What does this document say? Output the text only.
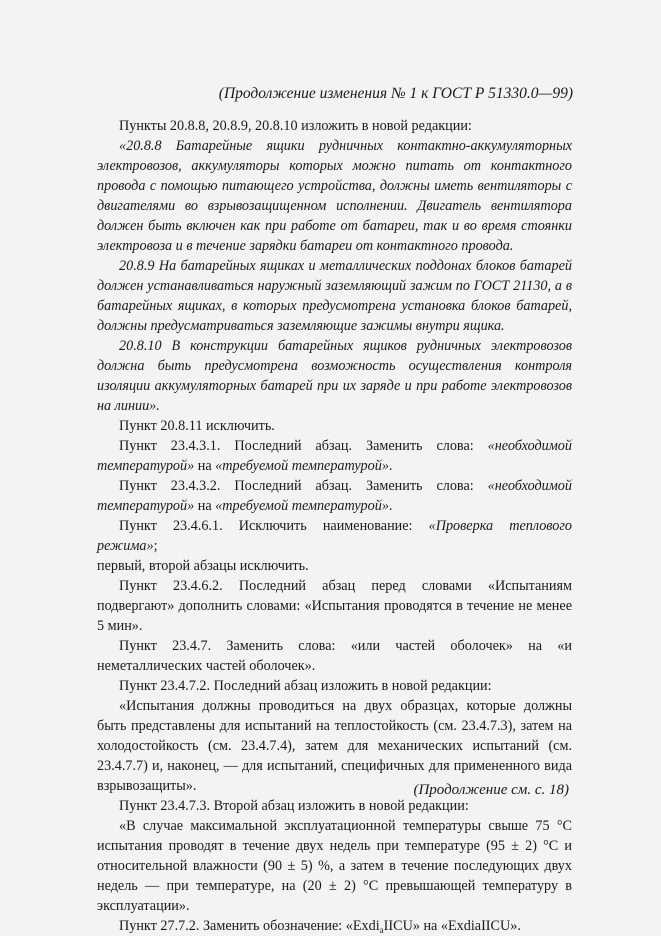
(Продолжение изменения № 1 к ГОСТ Р 51330.0—99)

Пункты 20.8.8, 20.8.9, 20.8.10 изложить в новой редакции:

«20.8.8 Батарейные ящики рудничных контактно-аккумуляторных электровозов, аккумуляторы которых можно питать от контактного провода с помощью питающего устройства, должны иметь вентиляторы с двигателями во взрывозащищенном исполнении. Двигатель вентилятора должен быть включен как при работе от батареи, так и во время стоянки электровоза и в течение зарядки батареи от контактного провода.

20.8.9 На батарейных ящиках и металлических поддонах блоков батарей должен устанавливаться наружный заземляющий зажим по ГОСТ 21130, а в батарейных ящиках, в которых предусмотрена установка блоков батарей, должны предусматриваться заземляющие зажимы внутри ящика.

20.8.10 В конструкции батарейных ящиков рудничных электровозов должна быть предусмотрена возможность осуществления контроля изоляции аккумуляторных батарей при их заряде и при работе электровозов на линии».

Пункт 20.8.11 исключить.

Пункт 23.4.3.1. Последний абзац. Заменить слова: «необходимой температурой» на «требуемой температурой».

Пункт 23.4.3.2. Последний абзац. Заменить слова: «необходимой температурой» на «требуемой температурой».

Пункт 23.4.6.1. Исключить наименование: «Проверка теплового режима»;

первый, второй абзацы исключить.

Пункт 23.4.6.2. Последний абзац перед словами «Испытаниям подвергают» дополнить словами: «Испытания проводятся в течение не менее 5 мин».

Пункт 23.4.7. Заменить слова: «или частей оболочек» на «и неметаллических частей оболочек».

Пункт 23.4.7.2. Последний абзац изложить в новой редакции:

«Испытания должны проводиться на двух образцах, которые должны быть представлены для испытаний на теплостойкость (см. 23.4.7.3), затем на холодостойкость (см. 23.4.7.4), затем для механических испытаний (см. 23.4.7.7) и, наконец, — для испытаний, специфичных для примененного вида взрывозащиты».

Пункт 23.4.7.3. Второй абзац изложить в новой редакции:

«В случае максимальной эксплуатационной температуры свыше 75 °С испытания проводят в течение двух недель при температуре (95 ± 2) °С и относительной влажности (90 ± 5) %, а затем в течение последующих двух недель — при температуре, на (20 ± 2) °С превышающей температуру в эксплуатации».

Пункт 27.7.2. Заменить обозначение: «Exdi$_a$IICU» на «ExdiaIICU».

(Продолжение см. с. 18)
